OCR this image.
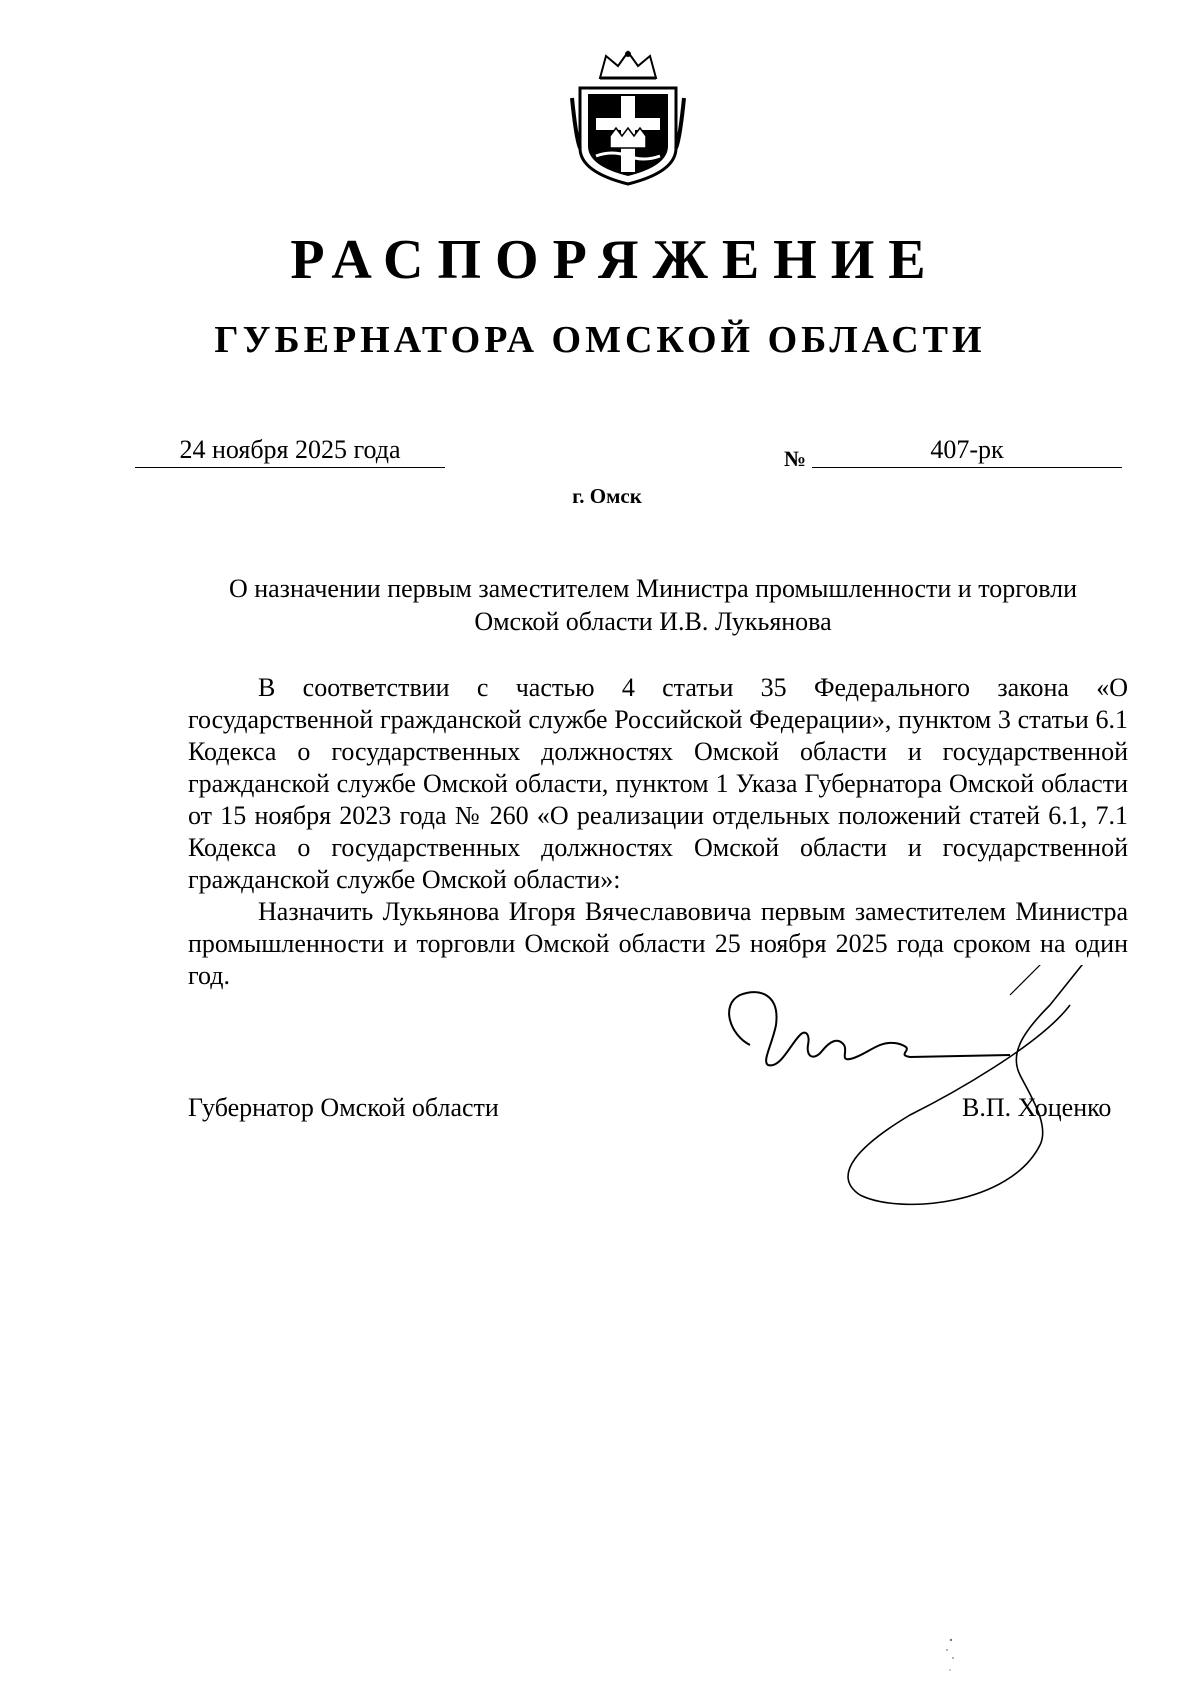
РАСПОРЯЖЕНИЕ
ГУБЕРНАТОРА ОМСКОЙ ОБЛАСТИ
24 ноября 2025 года	№	407-рк
г. Омск
О назначении первым заместителем Министра промышленности и торговли
Омской области И.В. Лукьянова

В соответствии с частью 4 статьи 35 Федерального закона «О государственной гражданской службе Российской Федерации», пунктом 3 статьи 6.1 Кодекса о государственных должностях Омской области и государственной гражданской службе Омской области, пунктом 1 Указа Губернатора Омской области от 15 ноября 2023 года № 260 «О реализации отдельных положений статей 6.1, 7.1 Кодекса о государственных должностях Омской области и государственной гражданской службе Омской области»:

Назначить Лукьянова Игоря Вячеславовича первым заместителем Министра промышленности и торговли Омской области 25 ноября 2025 года сроком на один год.

Губернатор Омской области	В.П. Хоценко
